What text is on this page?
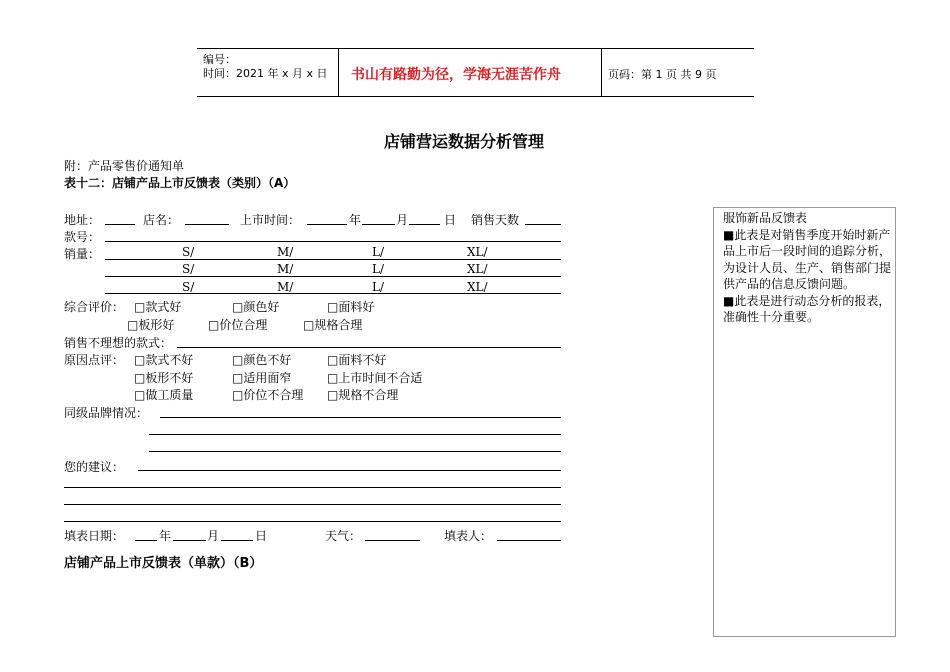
编号：
时间：2021 年 x 月 x 日 书山有路勤为径，学海无涯苦作舟	页码：第 1 页 共 9 页
店铺营运数据分析管理
附：产品零售价通知单
表十二：店铺产品上市反馈表（类别）（A）
地址：	店名：	上市时间：	年	月	日 销售天数
款号：
销量：	S/	M/	L/	XL/
S/	M/	L/	XL/
S/	M/	L/	XL/
综合评价： □款式好	□颜色好	□面料好
□板形好	□价位合理	□规格合理
销售不理想的款式：
原因点评： □款式不好	□颜色不好	□面料不好
□板形不好	□适用面窄	□上市时间不合适
□做工质量	□价位不合理 □规格不合理
同级品牌情况：
您的建议：
填表日期：	年	月	日	天气：	填表人：
店铺产品上市反馈表（单款）（B）

服饰新品反馈表

■此表是对销售季度开始时新产品上市后一段时间的追踪分析，为设计人员、生产、销售部门提供产品的信息反馈问题。

■此表是进行动态分析的报表，准确性十分重要。
